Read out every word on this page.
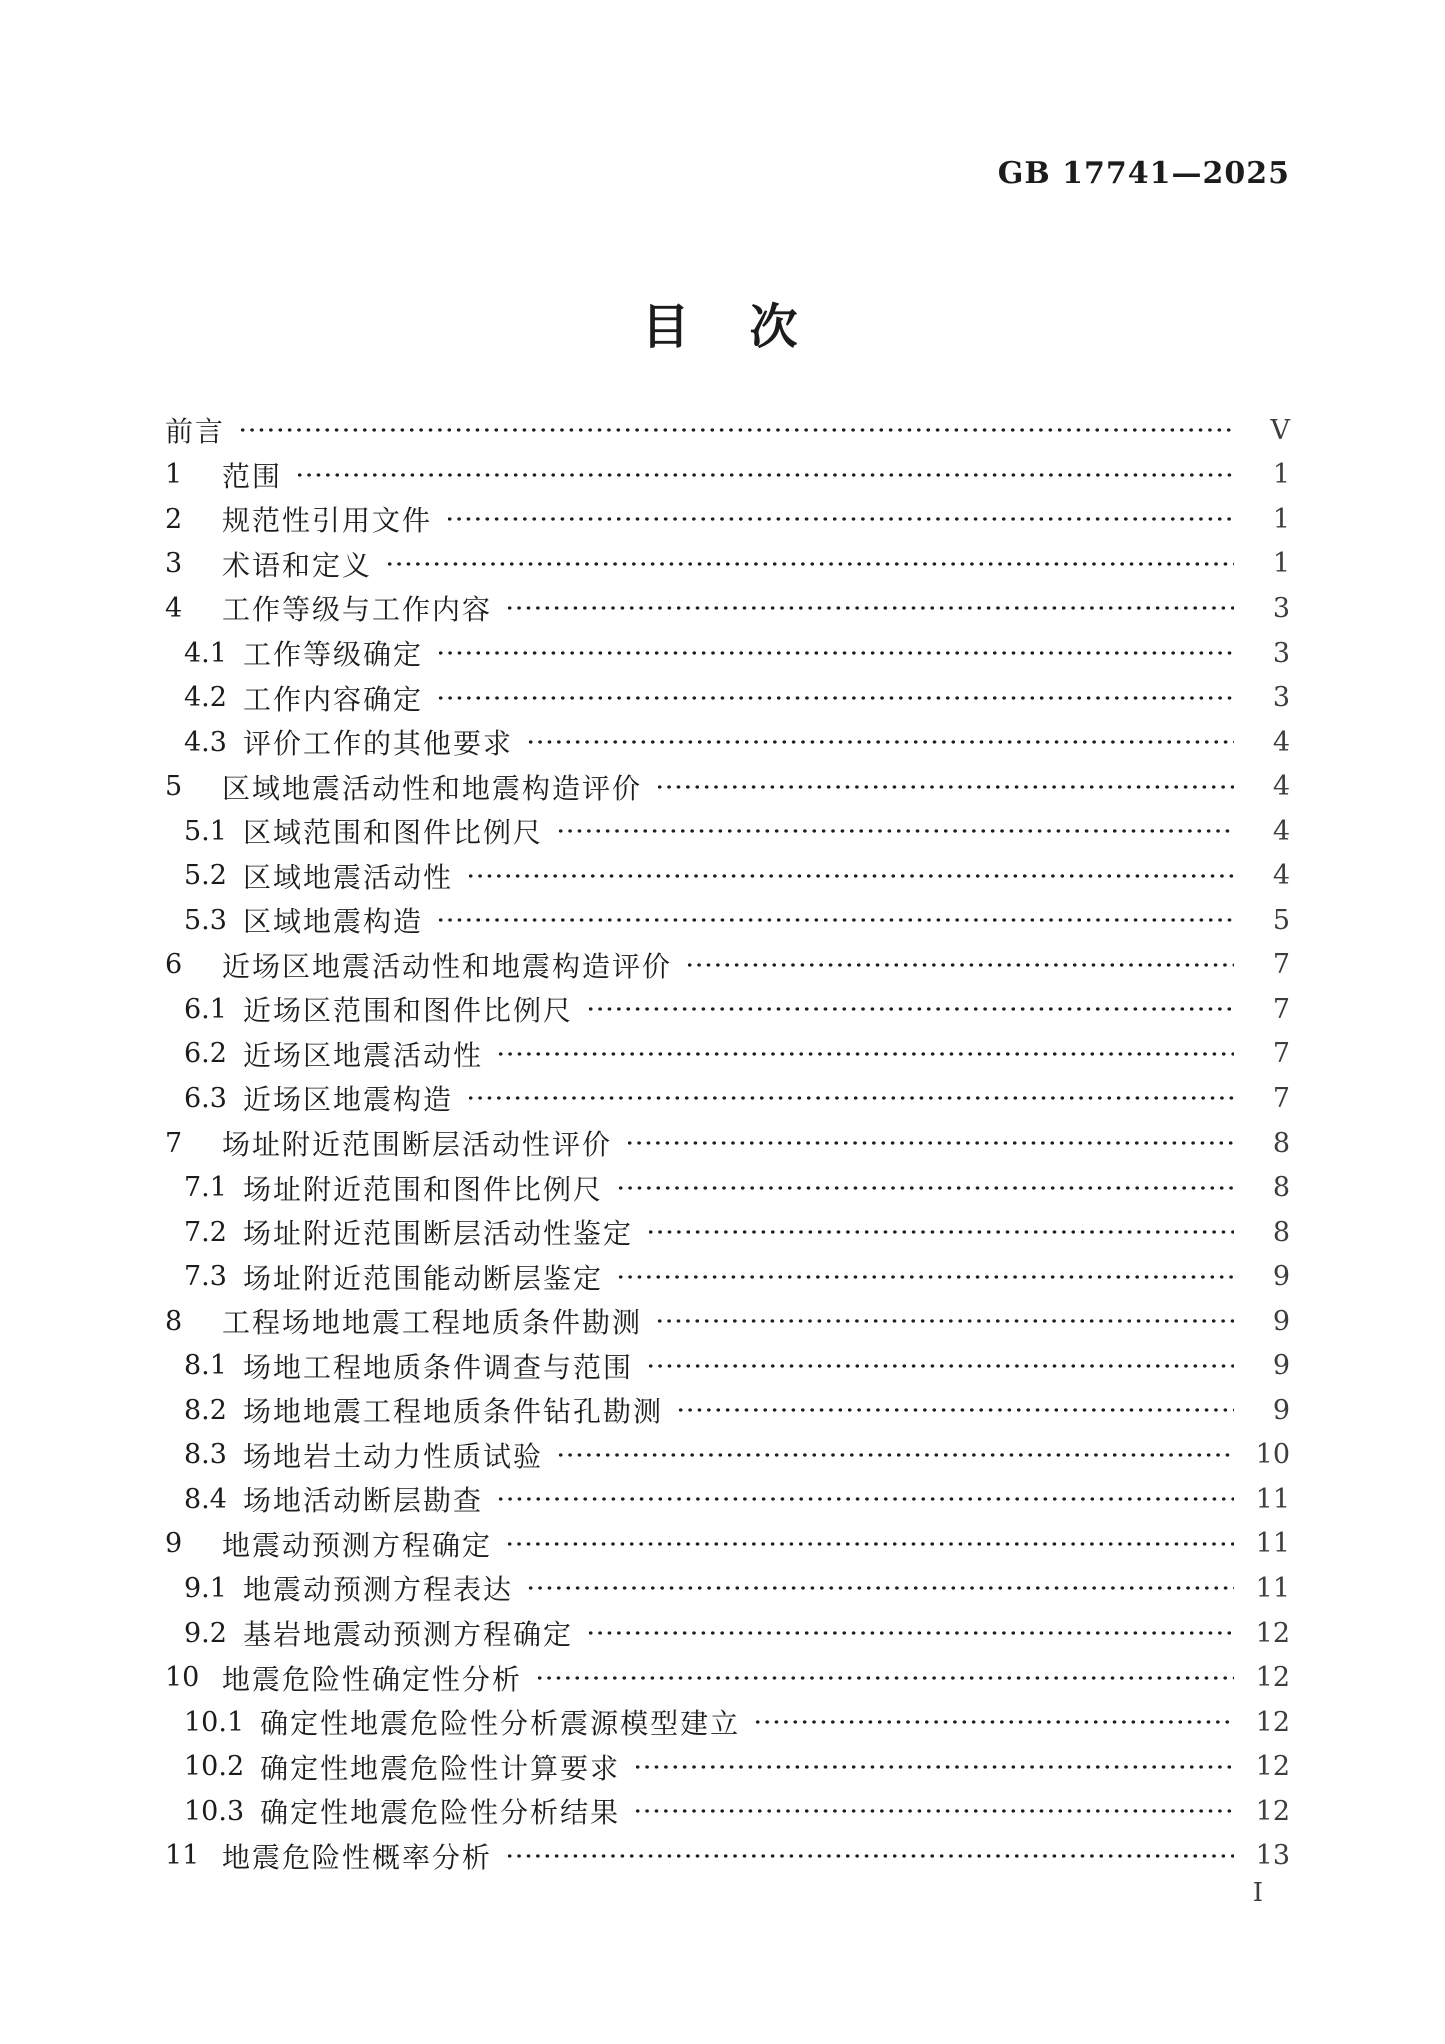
GB 17741—2025
目　次
前言	V
1	范围	1
2	规范性引用文件	1
3	术语和定义	1
4	工作等级与工作内容	3
4.1 工作等级确定	3
4.2 工作内容确定	3
4.3 评价工作的其他要求	4
5	区域地震活动性和地震构造评价	4
5.1 区域范围和图件比例尺	4
5.2 区域地震活动性	4
5.3 区域地震构造	5
6	近场区地震活动性和地震构造评价	7
6.1 近场区范围和图件比例尺	7
6.2 近场区地震活动性	7
6.3 近场区地震构造	7
7	场址附近范围断层活动性评价	8
7.1 场址附近范围和图件比例尺	8
7.2 场址附近范围断层活动性鉴定	8
7.3 场址附近范围能动断层鉴定	9
8	工程场地地震工程地质条件勘测	9
8.1 场地工程地质条件调查与范围	9
8.2 场地地震工程地质条件钻孔勘测	9
8.3 场地岩土动力性质试验	10
8.4 场地活动断层勘查	11
9	地震动预测方程确定	11
9.1 地震动预测方程表达	11
9.2 基岩地震动预测方程确定	12
10 地震危险性确定性分析	12
10.1 确定性地震危险性分析震源模型建立	12
10.2 确定性地震危险性计算要求	12
10.3 确定性地震危险性分析结果	12
11 地震危险性概率分析	13
I
